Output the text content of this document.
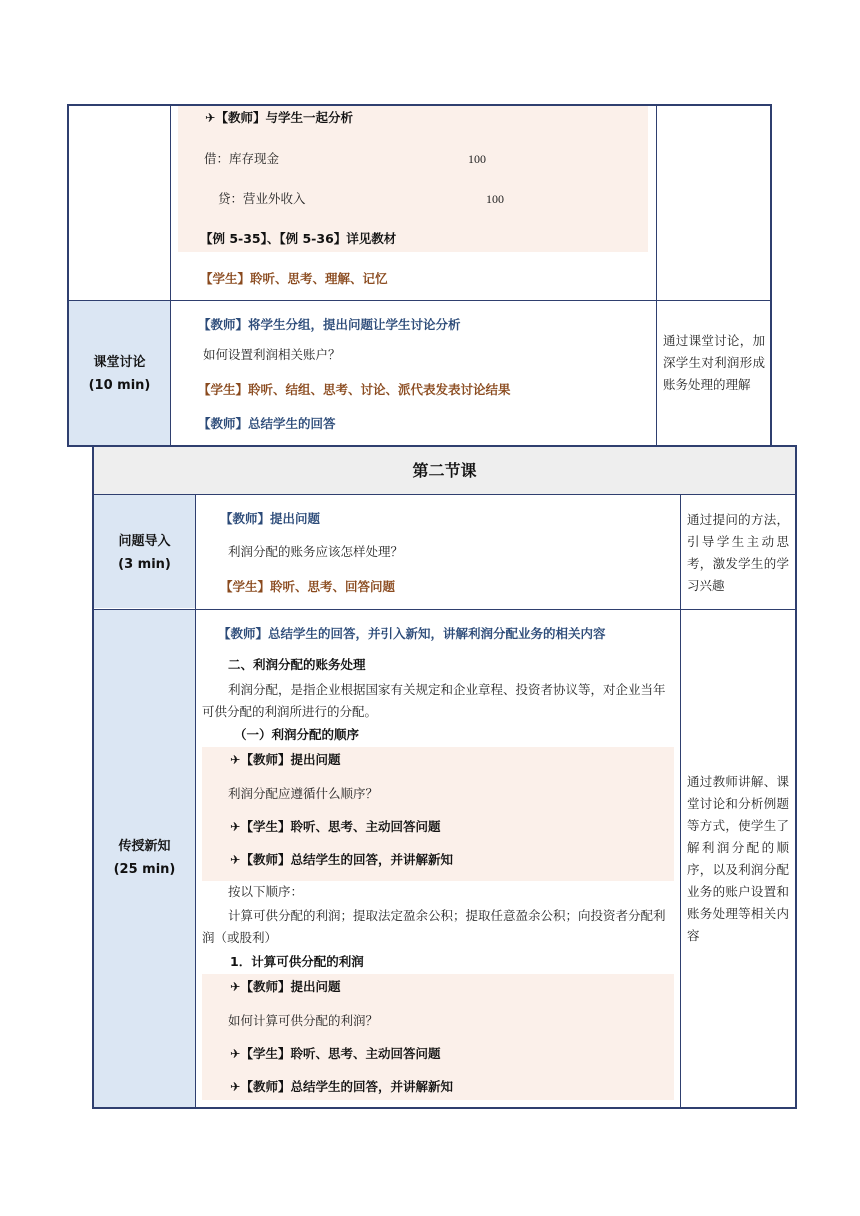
✈【教师】与学生一起分析
借：库存现金	100
贷：营业外收入	100
【例 5-35】、【例 5-36】详见教材
【学生】聆听、思考、理解、记忆
课堂讨论
(10 min)
【教师】将学生分组，提出问题让学生讨论分析
如何设置利润相关账户？
【学生】聆听、结组、思考、讨论、派代表发表讨论结果
【教师】总结学生的回答
通过课堂讨论，加深学生对利润形成账务处理的理解
第二节课
问题导入
(3 min)
【教师】提出问题
利润分配的账务应该怎样处理？
【学生】聆听、思考、回答问题
通过提问的方法，引导学生主动思考，激发学生的学习兴趣
传授新知
(25 min)
【教师】总结学生的回答，并引入新知，讲解利润分配业务的相关内容
二、利润分配的账务处理
利润分配，是指企业根据国家有关规定和企业章程、投资者协议等，对企业当年可供分配的利润所进行的分配。
（一）利润分配的顺序
✈【教师】提出问题
利润分配应遵循什么顺序？
✈【学生】聆听、思考、主动回答问题
✈【教师】总结学生的回答，并讲解新知
按以下顺序：
计算可供分配的利润；提取法定盈余公积；提取任意盈余公积；向投资者分配利润（或股利）
1．计算可供分配的利润
✈【教师】提出问题
如何计算可供分配的利润？
✈【学生】聆听、思考、主动回答问题
✈【教师】总结学生的回答，并讲解新知
通过教师讲解、课堂讨论和分析例题等方式，使学生了解利润分配的顺序，以及利润分配业务的账户设置和账务处理等相关内容
